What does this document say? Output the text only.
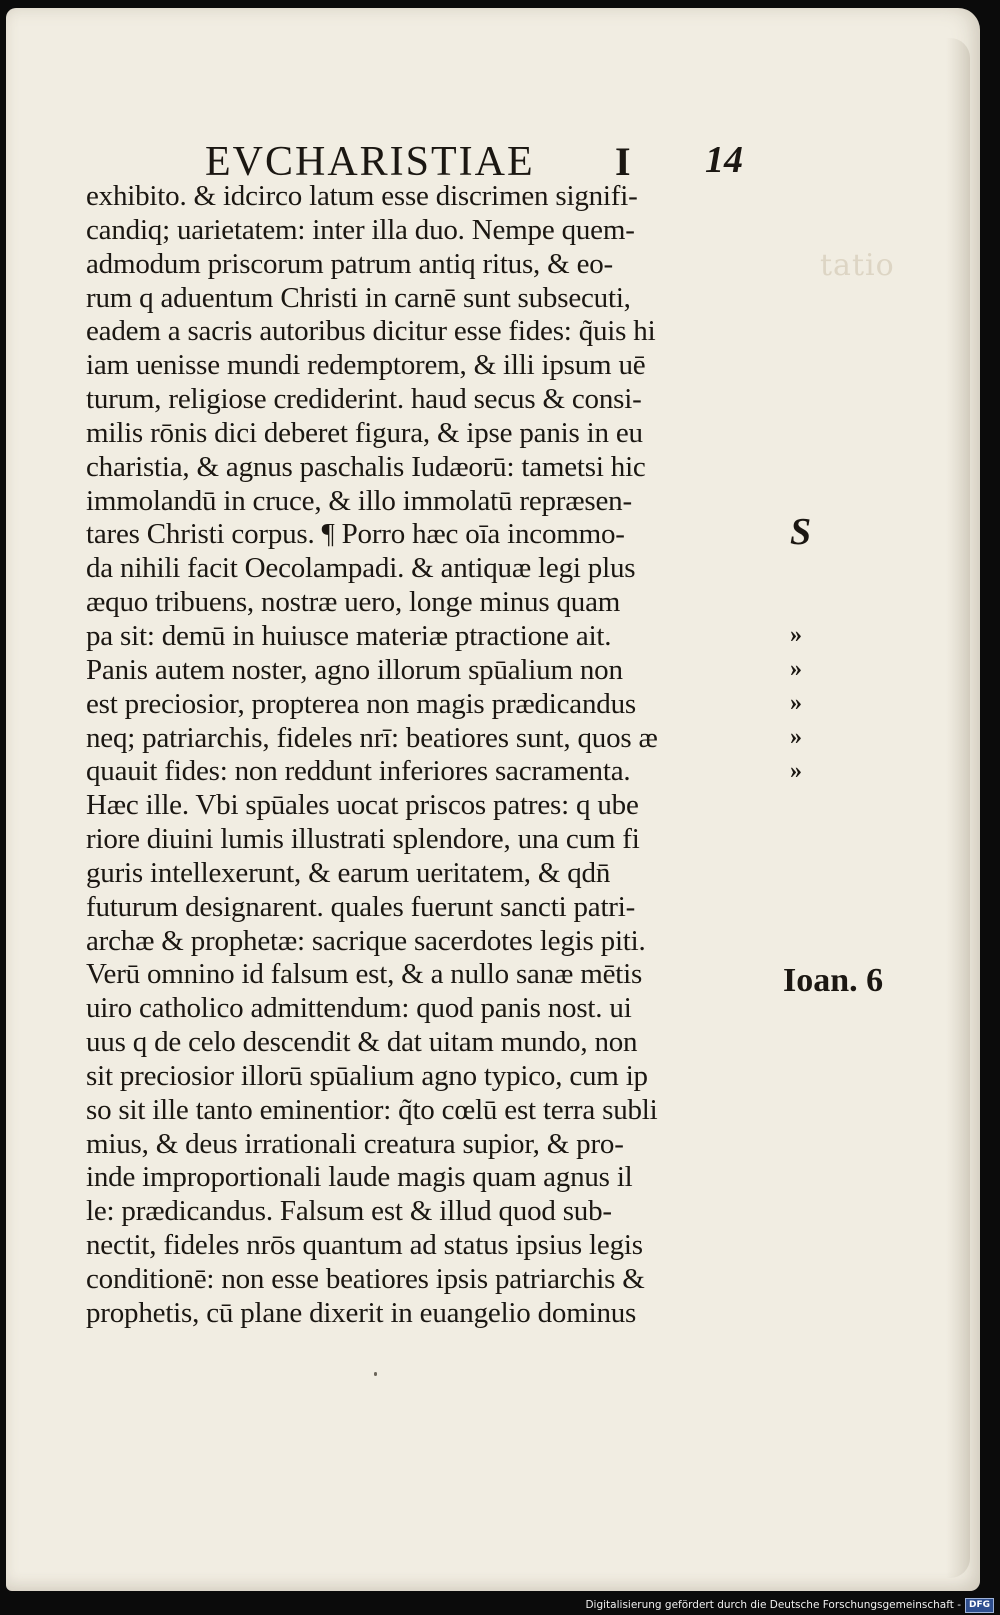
tatio
EVCHARISTIAE I 14
exhibito. & idcirco latum esse discrimen signifi-
candiq; uarietatem: inter illa duo. Nempe quem-
admodum priscorum patrum antiq ritus, & eo-
rum q aduentum Christi in carnē sunt subsecuti,
eadem a sacris autoribus dicitur esse fides: q̃uis hi
iam uenisse mundi redemptorem, & illi ipsum uē
turum, religiose crediderint. haud secus & consi-
milis rōnis dici deberet figura, & ipse panis in eu
charistia, & agnus paschalis Iudæorū: tametsi hic
immolandū in cruce, & illo immolatū repræsen-
tares Christi corpus. ¶ Porro hæc oīa incommo-
da nihili facit Oecolampadi. & antiquæ legi plus
æquo tribuens, nostræ uero, longe minus quam
pa sit: demū in huiusce materiæ ptractione ait.
Panis autem noster, agno illorum spūalium non
est preciosior, propterea non magis prædicandus
neq; patriarchis, fideles nrī: beatiores sunt, quos æ
quauit fides: non reddunt inferiores sacramenta.
Hæc ille. Vbi spūales uocat priscos patres: q ube
riore diuini lumis illustrati splendore, una cum fi
guris intellexerunt, & earum ueritatem, & qdn̄
futurum designarent. quales fuerunt sancti patri-
archæ & prophetæ: sacrique sacerdotes legis piti.
Verū omnino id falsum est, & a nullo sanæ mētis
uiro catholico admittendum: quod panis nost. ui
uus q de celo descendit & dat uitam mundo, non
sit preciosior illorū spūalium agno typico, cum ip
so sit ille tanto eminentior: q̃to cœlū est terra subli
mius, & deus irrationali creatura supior, & pro-
inde improportionali laude magis quam agnus il
le: prædicandus. Falsum est & illud quod sub-
nectit, fideles nrōs quantum ad status ipsius legis
conditionē: non esse beatiores ipsis patriarchis &
prophetis, cū plane dixerit in euangelio dominus
S
»
»
»
»
»
Ioan. 6
Digitalisierung gefördert durch die Deutsche Forschungsgemeinschaft - DFG
